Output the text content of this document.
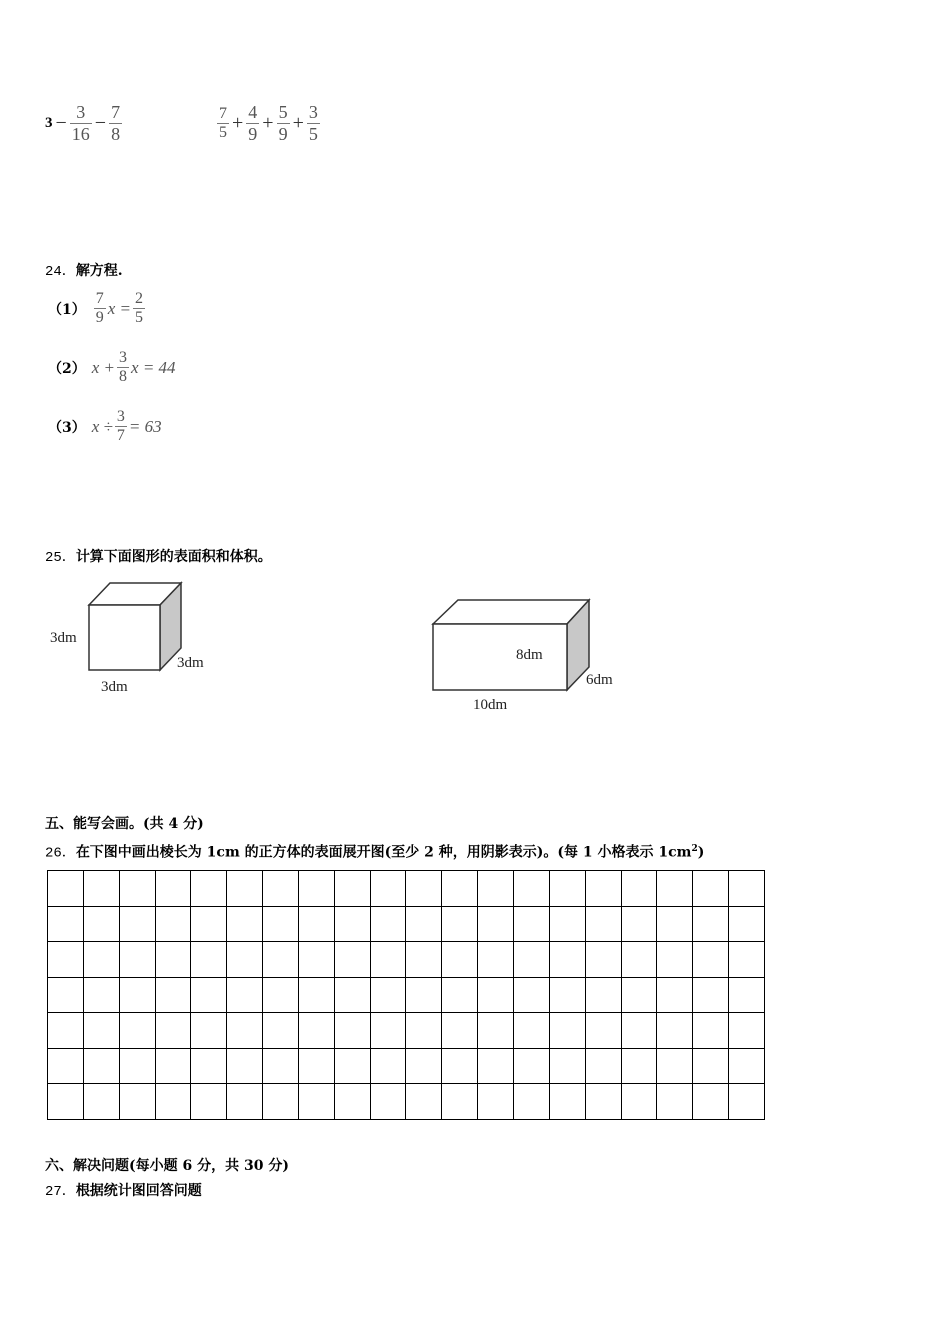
$3 - \frac{3}{16} - \frac{7}{8}$	$\frac{7}{5} + \frac{4}{9} + \frac{5}{9} + \frac{3}{5}$
24．解方程.
$(1) \frac{7}{9}$ $x = \frac{2}{5}$
（2） $x + \frac{3}{8}$ x = 44
（3） $x \div \frac{3}{7} = 63$
25．计算下面图形的表面积和体积。
3dm
3dm
3dm
8dm
6dm
10dm
五、能写会画。(共 4 分)
26．在下图中画出棱长为 1cm 的正方体的表面展开图(至少 2 种，用阴影表示)。(每 1 小格表示 $1cm^2$)
六、解决问题(每小题 6 分，共 30 分)
27．根据统计图回答问题
